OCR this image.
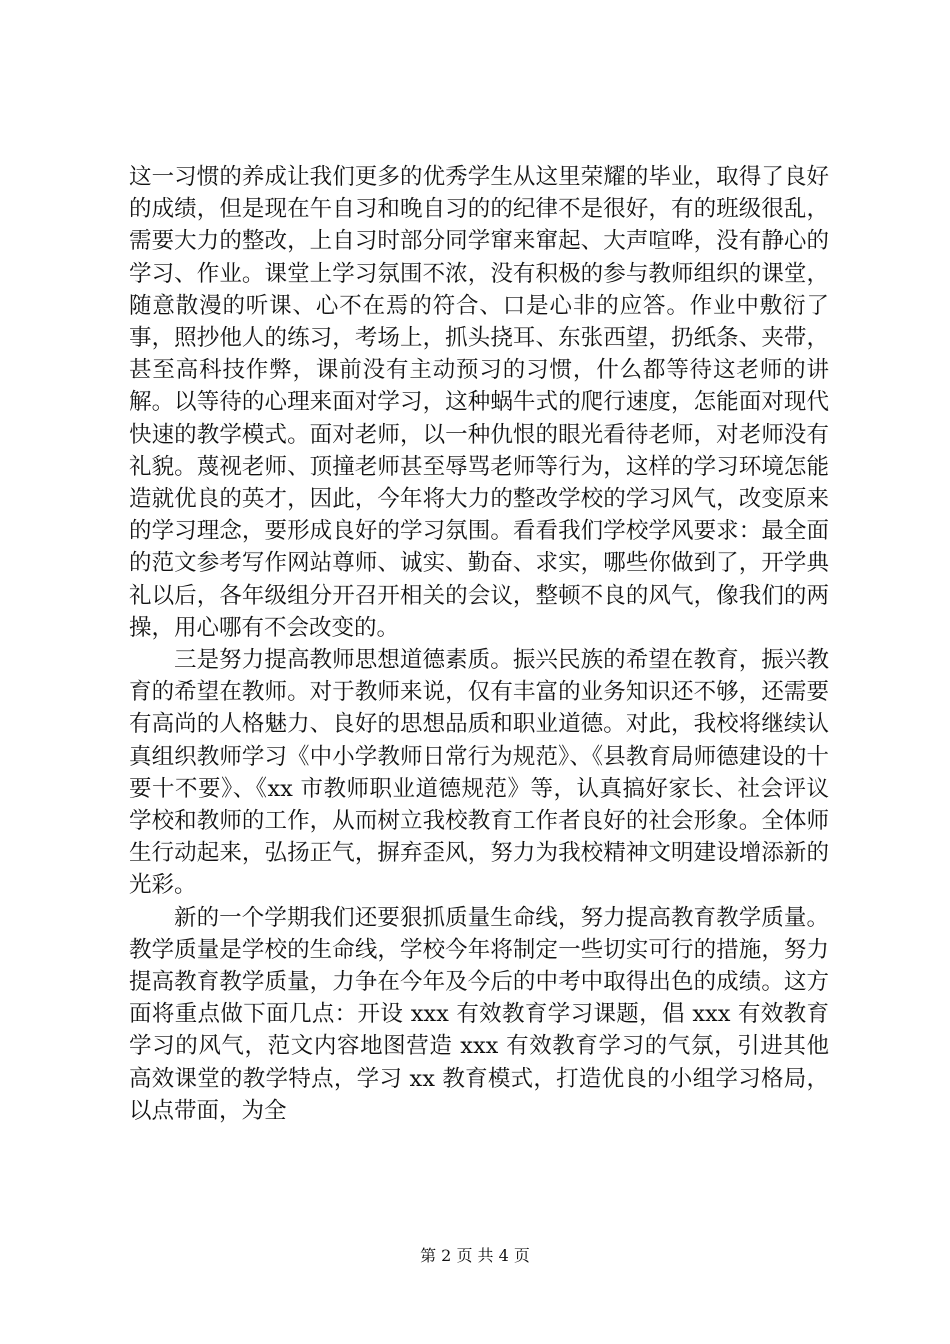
这一习惯的养成让我们更多的优秀学生从这里荣耀的毕业，取得了良好的成绩，但是现在午自习和晚自习的的纪律不是很好，有的班级很乱，需要大力的整改，上自习时部分同学窜来窜起、大声喧哗，没有静心的学习、作业。课堂上学习氛围不浓，没有积极的参与教师组织的课堂，随意散漫的听课、心不在焉的符合、口是心非的应答。作业中敷衍了事，照抄他人的练习，考场上，抓头挠耳、东张西望，扔纸条、夹带，甚至高科技作弊，课前没有主动预习的习惯，什么都等待这老师的讲解。以等待的心理来面对学习，这种蜗牛式的爬行速度，怎能面对现代快速的教学模式。面对老师，以一种仇恨的眼光看待老师，对老师没有礼貌。蔑视老师、顶撞老师甚至辱骂老师等行为，这样的学习环境怎能造就优良的英才，因此，今年将大力的整改学校的学习风气，改变原来的学习理念，要形成良好的学习氛围。看看我们学校学风要求：最全面的范文参考写作网站尊师、诚实、勤奋、求实，哪些你做到了，开学典礼以后，各年级组分开召开相关的会议，整顿不良的风气，像我们的两操，用心哪有不会改变的。

三是努力提高教师思想道德素质。振兴民族的希望在教育，振兴教育的希望在教师。对于教师来说，仅有丰富的业务知识还不够，还需要有高尚的人格魅力、良好的思想品质和职业道德。对此，我校将继续认真组织教师学习《中小学教师日常行为规范》、《县教育局师德建设的十要十不要》、《xx 市教师职业道德规范》等，认真搞好家长、社会评议学校和教师的工作，从而树立我校教育工作者良好的社会形象。全体师生行动起来，弘扬正气，摒弃歪风，努力为我校精神文明建设增添新的光彩。

新的一个学期我们还要狠抓质量生命线，努力提高教育教学质量。教学质量是学校的生命线，学校今年将制定一些切实可行的措施，努力提高教育教学质量，力争在今年及今后的中考中取得出色的成绩。这方面将重点做下面几点：开设 xxx 有效教育学习课题，倡 xxx 有效教育学习的风气，范文内容地图营造 xxx 有效教育学习的气氛，引进其他高效课堂的教学特点，学习 xx 教育模式，打造优良的小组学习格局，以点带面，为全

第 2 页 共 4 页
